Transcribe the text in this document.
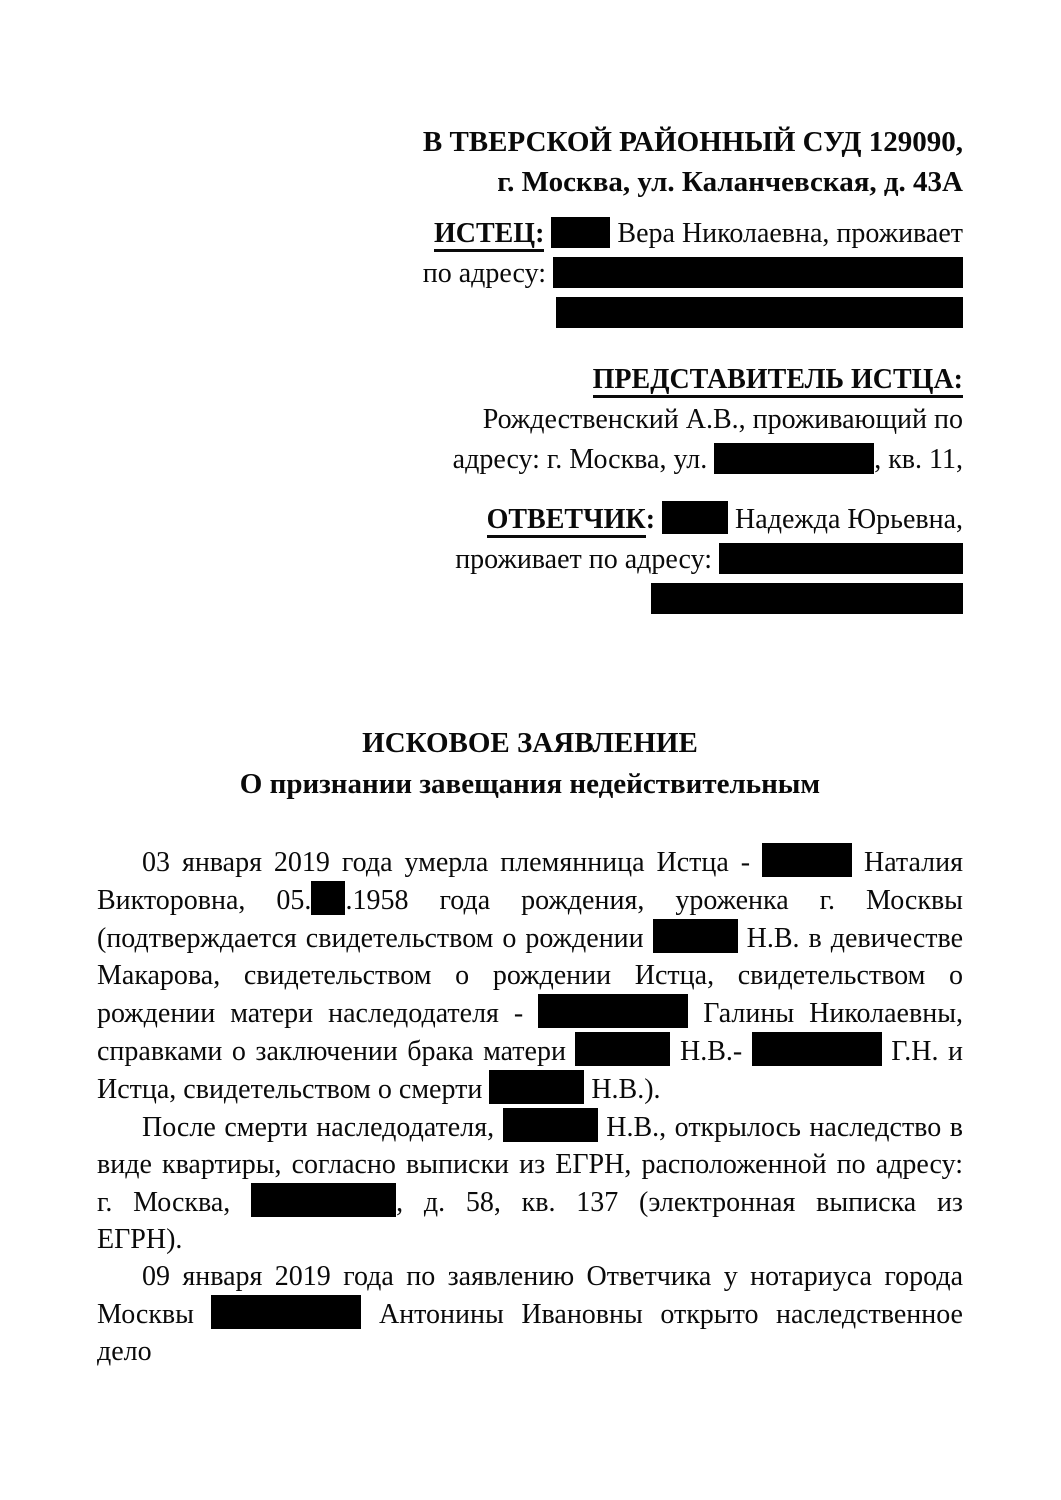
В ТВЕРСКОЙ РАЙОННЫЙ СУД 129090,
г. Москва, ул. Каланчевская, д. 43А
ИСТЕЦ:  Вера Николаевна, проживает
по адресу:
ПРЕДСТАВИТЕЛЬ ИСТЦА:
Рождественский А.В., проживающий по
адресу: г. Москва, ул.	, кв. 11,
ОТВЕТЧИК:	Надежда Юрьевна,
проживает по адресу:
ИСКОВОЕ ЗАЯВЛЕНИЕ
О признании завещания недействительным
03 января 2019 года умерла племянница Истца -	Наталия
Викторовна, 05. .1958 года рождения, уроженка г. Москвы
(подтверждается свидетельством о рождении	Н.В. в девичестве
Макарова, свидетельством о рождении Истца, свидетельством о
рождении матери наследодателя -	Галины Николаевны,
справками о заключении брака матери	Н.В.-	Г.Н. и
Истца, свидетельством о смерти	Н.В.).
После смерти наследодателя,	Н.В., открылось наследство в
виде квартиры, согласно выписки из ЕГРН, расположенной по адресу:
г. Москва,	, д. 58, кв. 137 (электронная выписка из
ЕГРН).
09 января 2019 года по заявлению Ответчика у нотариуса города
Москвы	Антонины Ивановны открыто наследственное дело
